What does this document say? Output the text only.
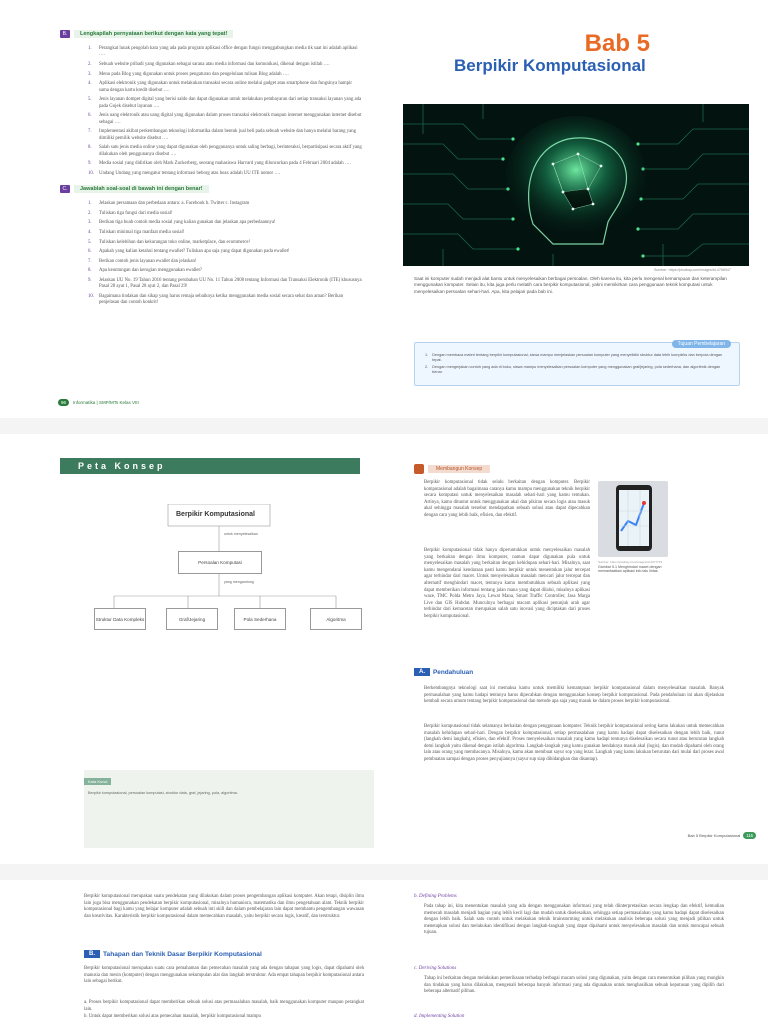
B.	Lengkapilah pernyataan berikut dengan kata yang tepat!
1.	Perangkat lunak pengolah kata yang ada pada program aplikasi office dengan fungsi menggabungkan media tik saat ini adalah aplikasi ….
2.	Sebuah website pribadi yang digunakan sebagai sarana atau media informasi dan komunikasi, dikenal dengan istilah ….
3.	Menu pada Blog yang digunakan untuk proses pengaturan dan pengelolaan tulisan Blog adalah ….
4.	Aplikasi elektronik yang digunakan untuk melakukan transaksi secara online melalui gadget atau smartphone dan fungsinya hampir sama dengan kartu kredit disebut ….
5.	Jenis layanan dompet digital yang berisi saldo dan dapat digunakan untuk melakukan pembayaran dari setiap transaksi layanan yang ada pada Gojek disebut layanan ….
6.	Jenis uang elektronik atau uang digital yang digunakan dalam proses transaksi elektronik maupun internet menggunakan internet disebut sebagai ….
7.	Implementasi akibat perkembangan teknologi informatika dalam bentuk jual beli pada sebuah website dan hanya melalui barang yang dimiliki pemilik website disebut ….
8.	Salah satu jenis media online yang dapat digunakan oleh penggunanya untuk saling berbagi, berinteraksi, berpartisipasi secara aktif yang dilakukan oleh penggunanya disebut ….
9.	Media sosial yang didirikan oleh Mark Zuckerberg, seorang mahasiswa Harvard yang diluncurkan pada 4 Februari 2004 adalah ….
10. Undang Undang yang mengatur tentang informasi beborg atas hoax adalah UU ITE nomor ….
C.	Jawablah soal-soal di bawah ini dengan benar!
1.	Jelaskan persamaan dan perbedaan antara: a. Facebook b. Twitter c. Instagram
2.	Tuliskan tiga fungsi dari media sosial!
3.	Berikan tiga buah contoh media sosial yang kalian gunakan dan jelaskan apa perbedaannya!
4.	Tuliskan minimal tiga manfaat media sosial!
5.	Tuliskan kelebihan dan kekurangan toko online, marketplace, dan ecommerce!
6.	Apakah yang kalian ketahui tentang ewallet? Tuliskan apa saja yang dapat digunakan pada ewallet!
7.	Berikan contoh jenis layanan ewallet dan jelaskan!
8.	Apa keuntungan dan kerugian menggunakan ewallet?
9.	Jelaskan UU No. 19 Tahun 2016 tentang perubahan UU No. 11 Tahun 2008 tentang Informasi dan Transaksi Elektronik (ITE) khususnya Pasal 28 ayat 1, Pasal 28 ayat 2, dan Pasal 29!
10. Bagaimana tindakan dan sikap yang harus remaja sebaiknya ketika menggunakan media sosial secara sehat dan aman? Berikan penjelasan dan contoh konkrit!
96	Informatika | SMP/MTs Kelas VIII
Bab 5
Berpikir Komputasional
Sumber: https://pixabay.com/images/id-4768947
Saat ini komputer sudah menjadi alat bantu untuk menyelesaikan berbagai persoalan. Oleh karena itu, kita perlu mengenal kemampuan dan keterampilan menggunakan komputer. Selain itu, kita juga perlu melatih cara berpikir komputasional, yakni memikirkan cara penggunaan teknik komputasi untuk menyelesaikan persoalan sehari-hari. Apa, kita pelajari pada bab ini.
Tujuan Pembelajaran
1. Dengan membaca materi tentang berpikir komputasional, siswa mampu menjelaskan persoalan komputer yang menyelidiki struktur data lebih kompleks dan berpola dengan tepat.
2. Dengan mengerjakan contoh yang ada di buku, siswa mampu menyelesaikan persoalan komputer yang menggunakan graf/jejaring, pola sederhana, dan algoritmik dengan benar.
Peta Konsep
Berpikir Komputasional
untuk menyelesaikan
Persoalan Komputasi
yang mengandung
Struktur Data Kompleks	Graf/Jejaring	Pola Sederhana	Algoritma
Kata Kunci
Berpikir komputasional, persoalan komputasi, struktur data, graf, jejaring, pola, algoritma.
Membangun Konsep
Berpikir komputasional tidak selalu berkaitan dengan komputer. Berpikir komputasional adalah bagaimana caranya kamu mampu menggunakan teknik berpikir secara komputasi untuk menyelesaikan masalah sehari-hari yang kamu temukan. Artinya, kamu dituntut untuk menggunakan akal dan pikiran secara logis atau masuk akal sehingga masalah tersebut mendapatkan sebuah solusi atau dapat dipecahkan dengan cara yang lebih baik, efisien, dan efektif.
Sumber: https://pixabay.com/images/id-4077719
Gambar 5.1 Menghindari macet dengan memanfaatkan aplikasi info lalu lintas.
Berpikir komputasional tidak hanya diperuntukkan untuk menyelesaikan masalah yang berkaitan dengan ilmu komputer, namun dapat digunakan pula untuk menyelesaikan masalah yang berkaitan dengan kehidupan sehari-hari. Misalnya, saat kamu mengendarai kendaraan pasti kamu berpikir untuk menentukan jalur tercepat agar terhindar dari macet. Untuk menyelesaikan masalah mencari jalur tercepat dan alternatif menghindari macet, tentunya kamu membutuhkan sebuah aplikasi yang dapat memberikan informasi tentang jalan mana yang dapat dilalui, misalnya aplikasi waze, TMC Polda Metro Jaya, Lewat Mana, Smart Traffic Controller, Jasa Marga Live dan GIS Hubdat. Munculnya berbagai macam aplikasi penunjuk arah agar terhindar dari kemacetan merupakan salah satu inovasi yang diciptakan dari proses berpikir komputasional.
A.	Pendahuluan
Berkembangnya teknologi saat ini memaksa kamu untuk memiliki kemampuan berpikir komputasional dalam menyelesaikan masalah. Banyak permasalahan yang kamu hadapi tentunya harus dipecahkan dengan menggunakan konsep berpikir komputasional. Pada pendahuluan ini akan dijelaskan kembali secara umum tentang berpikir komputasional dan metode apa saja yang masuk ke dalam proses berpikir komputasional.
Berpikir komputasional tidak selamanya berkaitan dengan penggunaan komputer. Teknik berpikir komputasional sering kamu lakukan untuk memecahkan masalah kehidupan sehari-hari. Dengan berpikir komputasional, setiap permasalahan yang kamu hadapi dapat diselesaikan dengan lebih baik, runut (langkah demi langkah), efisien, dan efektif. Proses menyelesaikan masalah yang kamu hadapi tentunya diselesaikan secara runut atau berurutan langkah demi langkah yaitu dikenal dengan istilah algoritma. Langkah-langkah yang kamu gunakan hendaknya masuk akal (logis), dan mudah dipahami oleh orang lain atau orang yang membacanya. Misalnya, kamu akan membuat sayur sop yang lezat. Langkah yang kamu lakukan berurutan dari mulai dari proses awal pembuatan sampai dengan proses penyajiannya (sayur sup siap dihidangkan dan disantap).
Bab 5 Berpikir Komputasional	115
Berpikir komputasional merupakan suatu pendekatan yang dilakukan dalam proses pengembangan aplikasi komputer. Akan tetapi, disiplin ilmu lain juga bisa menggunakan pendekatan berpikir komputasional, misalnya humaniora, matematika dan ilmu pengetahuan alam. Teknik berpikir komputasional bagi kamu yang belajar komputer adalah sebuah inti skill dan dalam pembelajaran lain dapat membantu pengembangan wawasan dan kreativitas. Karakteristik berpikir komputasional dalam memecahkan masalah, yaitu berpikir secara logis, kreatif, dan terstruktur.
B.	Tahapan dan Teknik Dasar Berpikir Komputasional
Berpikir komputasional merupakan suatu cara pemahaman dan pemecahan masalah yang ada dengan tahapan yang logis, dapat dipahami oleh manusia dan mesin (komputer) dengan menggunakan sekumpulan alat dan langkah terstruktur. Ada empat tahapan berpikir komputasional antara lain sebagai berikut.
a. Proses berpikir komputasional dapat memberikan sebuah solusi atas permasalahan masalah, baik menggunakan komputer maupun perangkat lain.
b. Untuk dapat memberikan solusi atas pemecahan masalah, berpikir komputasional mampu
b. Defining Problems
Pada tahap ini, kita menentukan masalah yang ada dengan menggunakan informasi yang telah diinterpretasikan secara lengkap dan efektif, kemudian memecah masalah menjadi bagian yang lebih kecil lagi dan mudah untuk diselesaikan, sehingga setiap permasalahan yang kamu hadapi dapat diselesaikan dengan lebih baik. Salah satu contoh untuk melakukan teknik brainstorming untuk melakukan analisis beberapa solusi yang menjadi pilihan untuk menetapkan solusi dan melakukan identifikasi dengan langkah-langkah yang dapat dipahami untuk menyelesaikan masalah dan untuk mencapai sebuah tujuan.
c. Deriving Solutions
Tahap ini berkaitan dengan melakukan pemeriksaan terhadap berbagai macam solusi yang digunakan, yaitu dengan cara menentukan pilihan yang mungkin dan tindakan yang harus dilakukan, mengenali beberapa banyak informasi yang ada digunakan untuk menghasilkan sebuah keputusan yang dipilih dari beberapa alternatif pilihan.
d. Implementing Solution
